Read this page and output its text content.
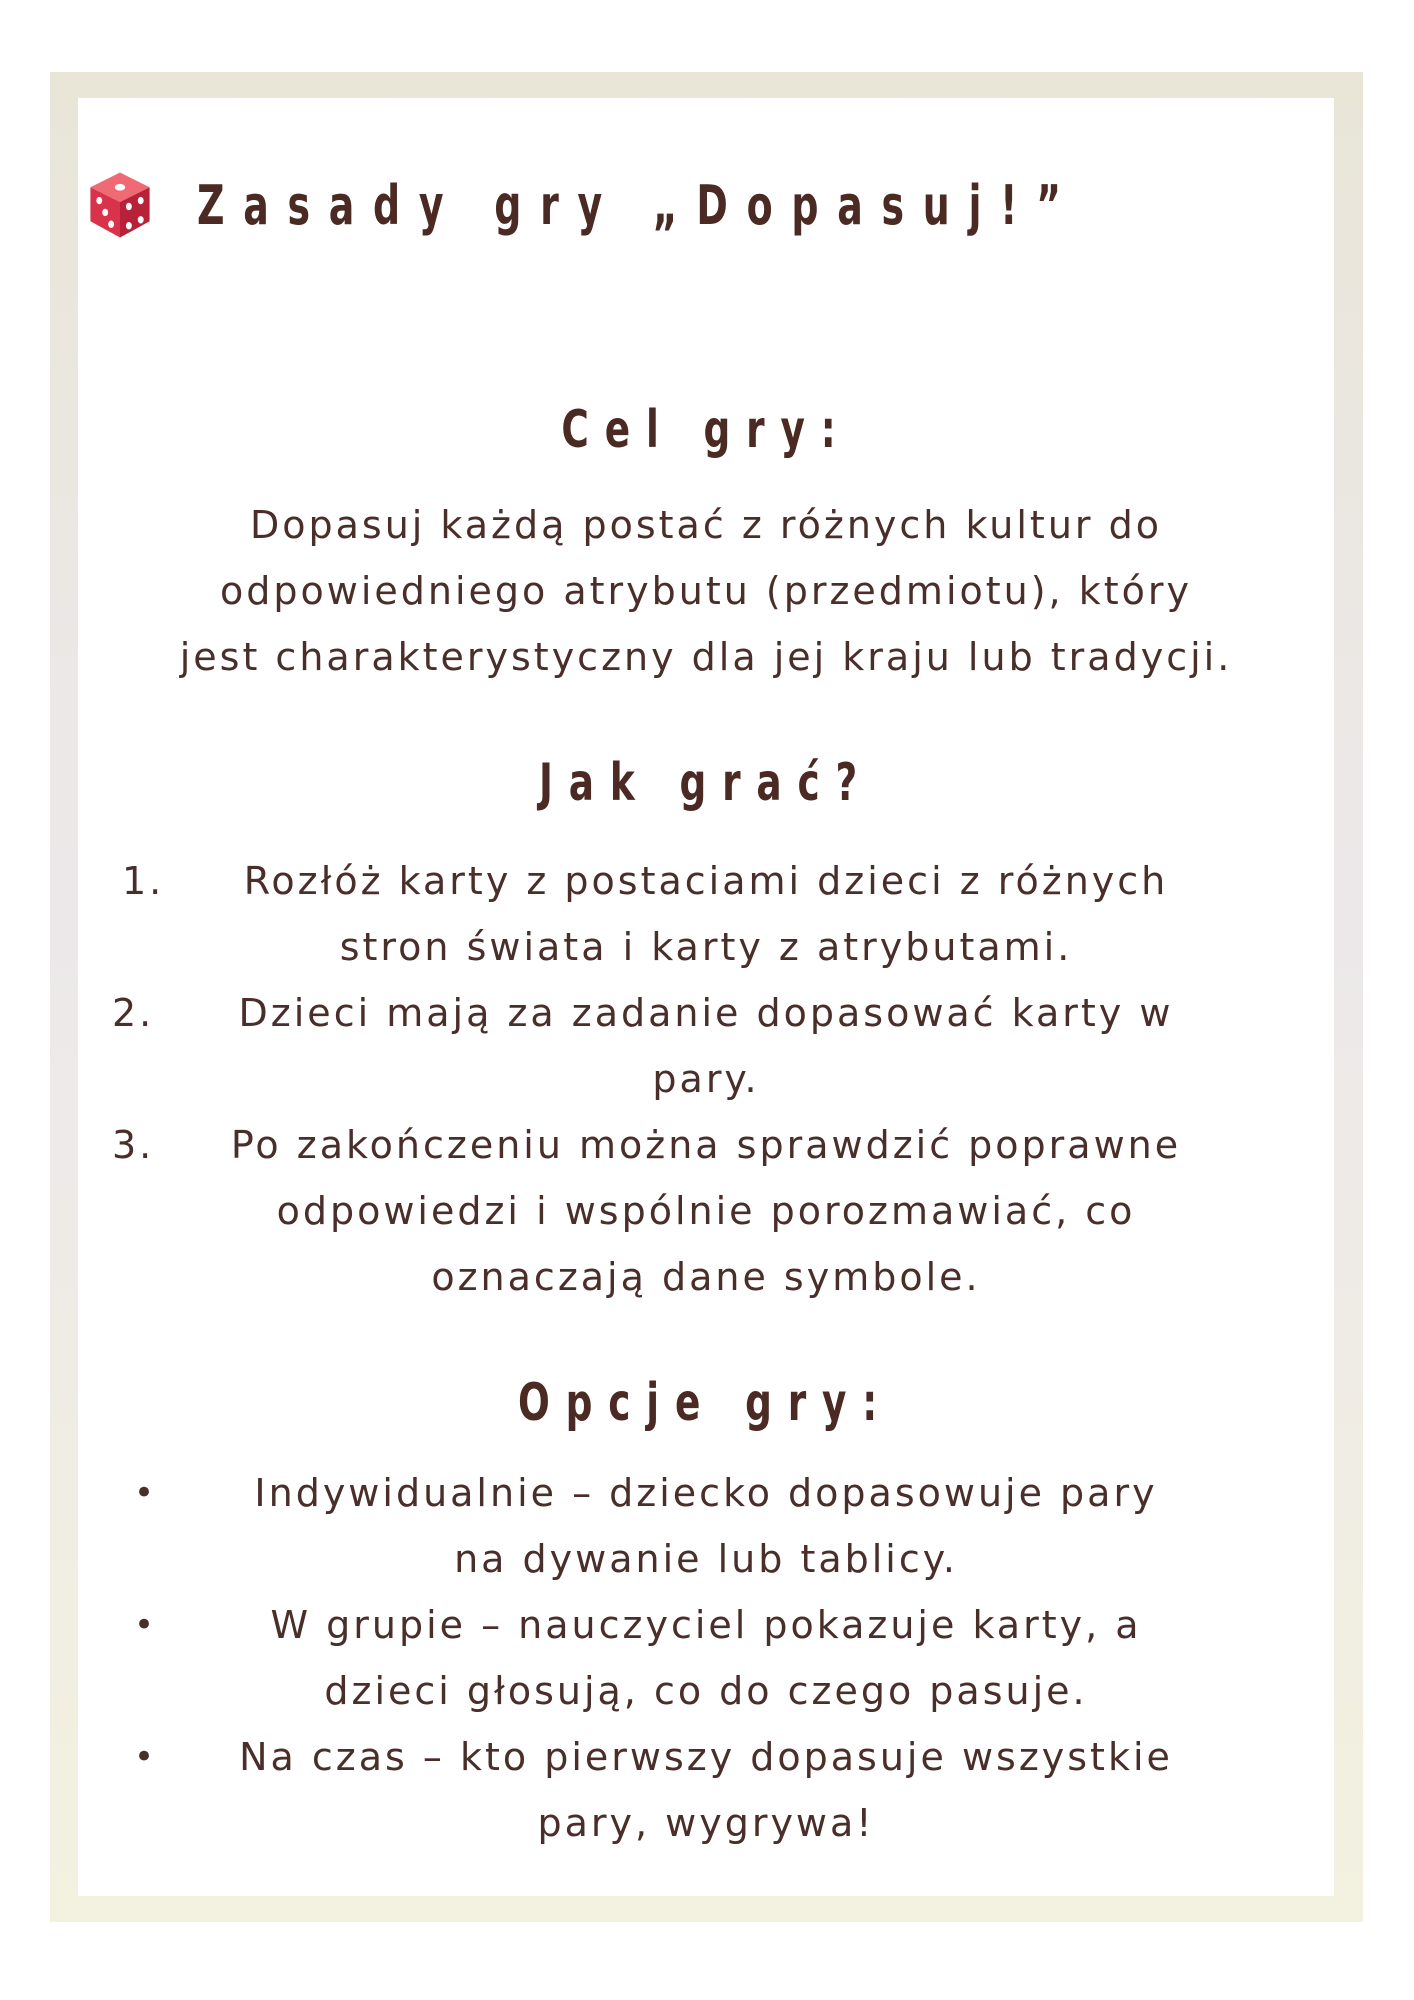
Zasady gry „Dopasuj!”
Cel gry:
Dopasuj każdą postać z różnych kultur do
odpowiedniego atrybutu (przedmiotu), który
jest charakterystyczny dla jej kraju lub tradycji.
Jak grać?
1.	Rozłóż karty z postaciami dzieci z różnych
stron świata i karty z atrybutami.
2.	Dzieci mają za zadanie dopasować karty w
pary.
3.	Po zakończeniu można sprawdzić poprawne
odpowiedzi i wspólnie porozmawiać, co
oznaczają dane symbole.
Opcje gry:
•	Indywidualnie – dziecko dopasowuje pary
na dywanie lub tablicy.
•	W grupie – nauczyciel pokazuje karty, a
dzieci głosują, co do czego pasuje.
•	Na czas – kto pierwszy dopasuje wszystkie
pary, wygrywa!
